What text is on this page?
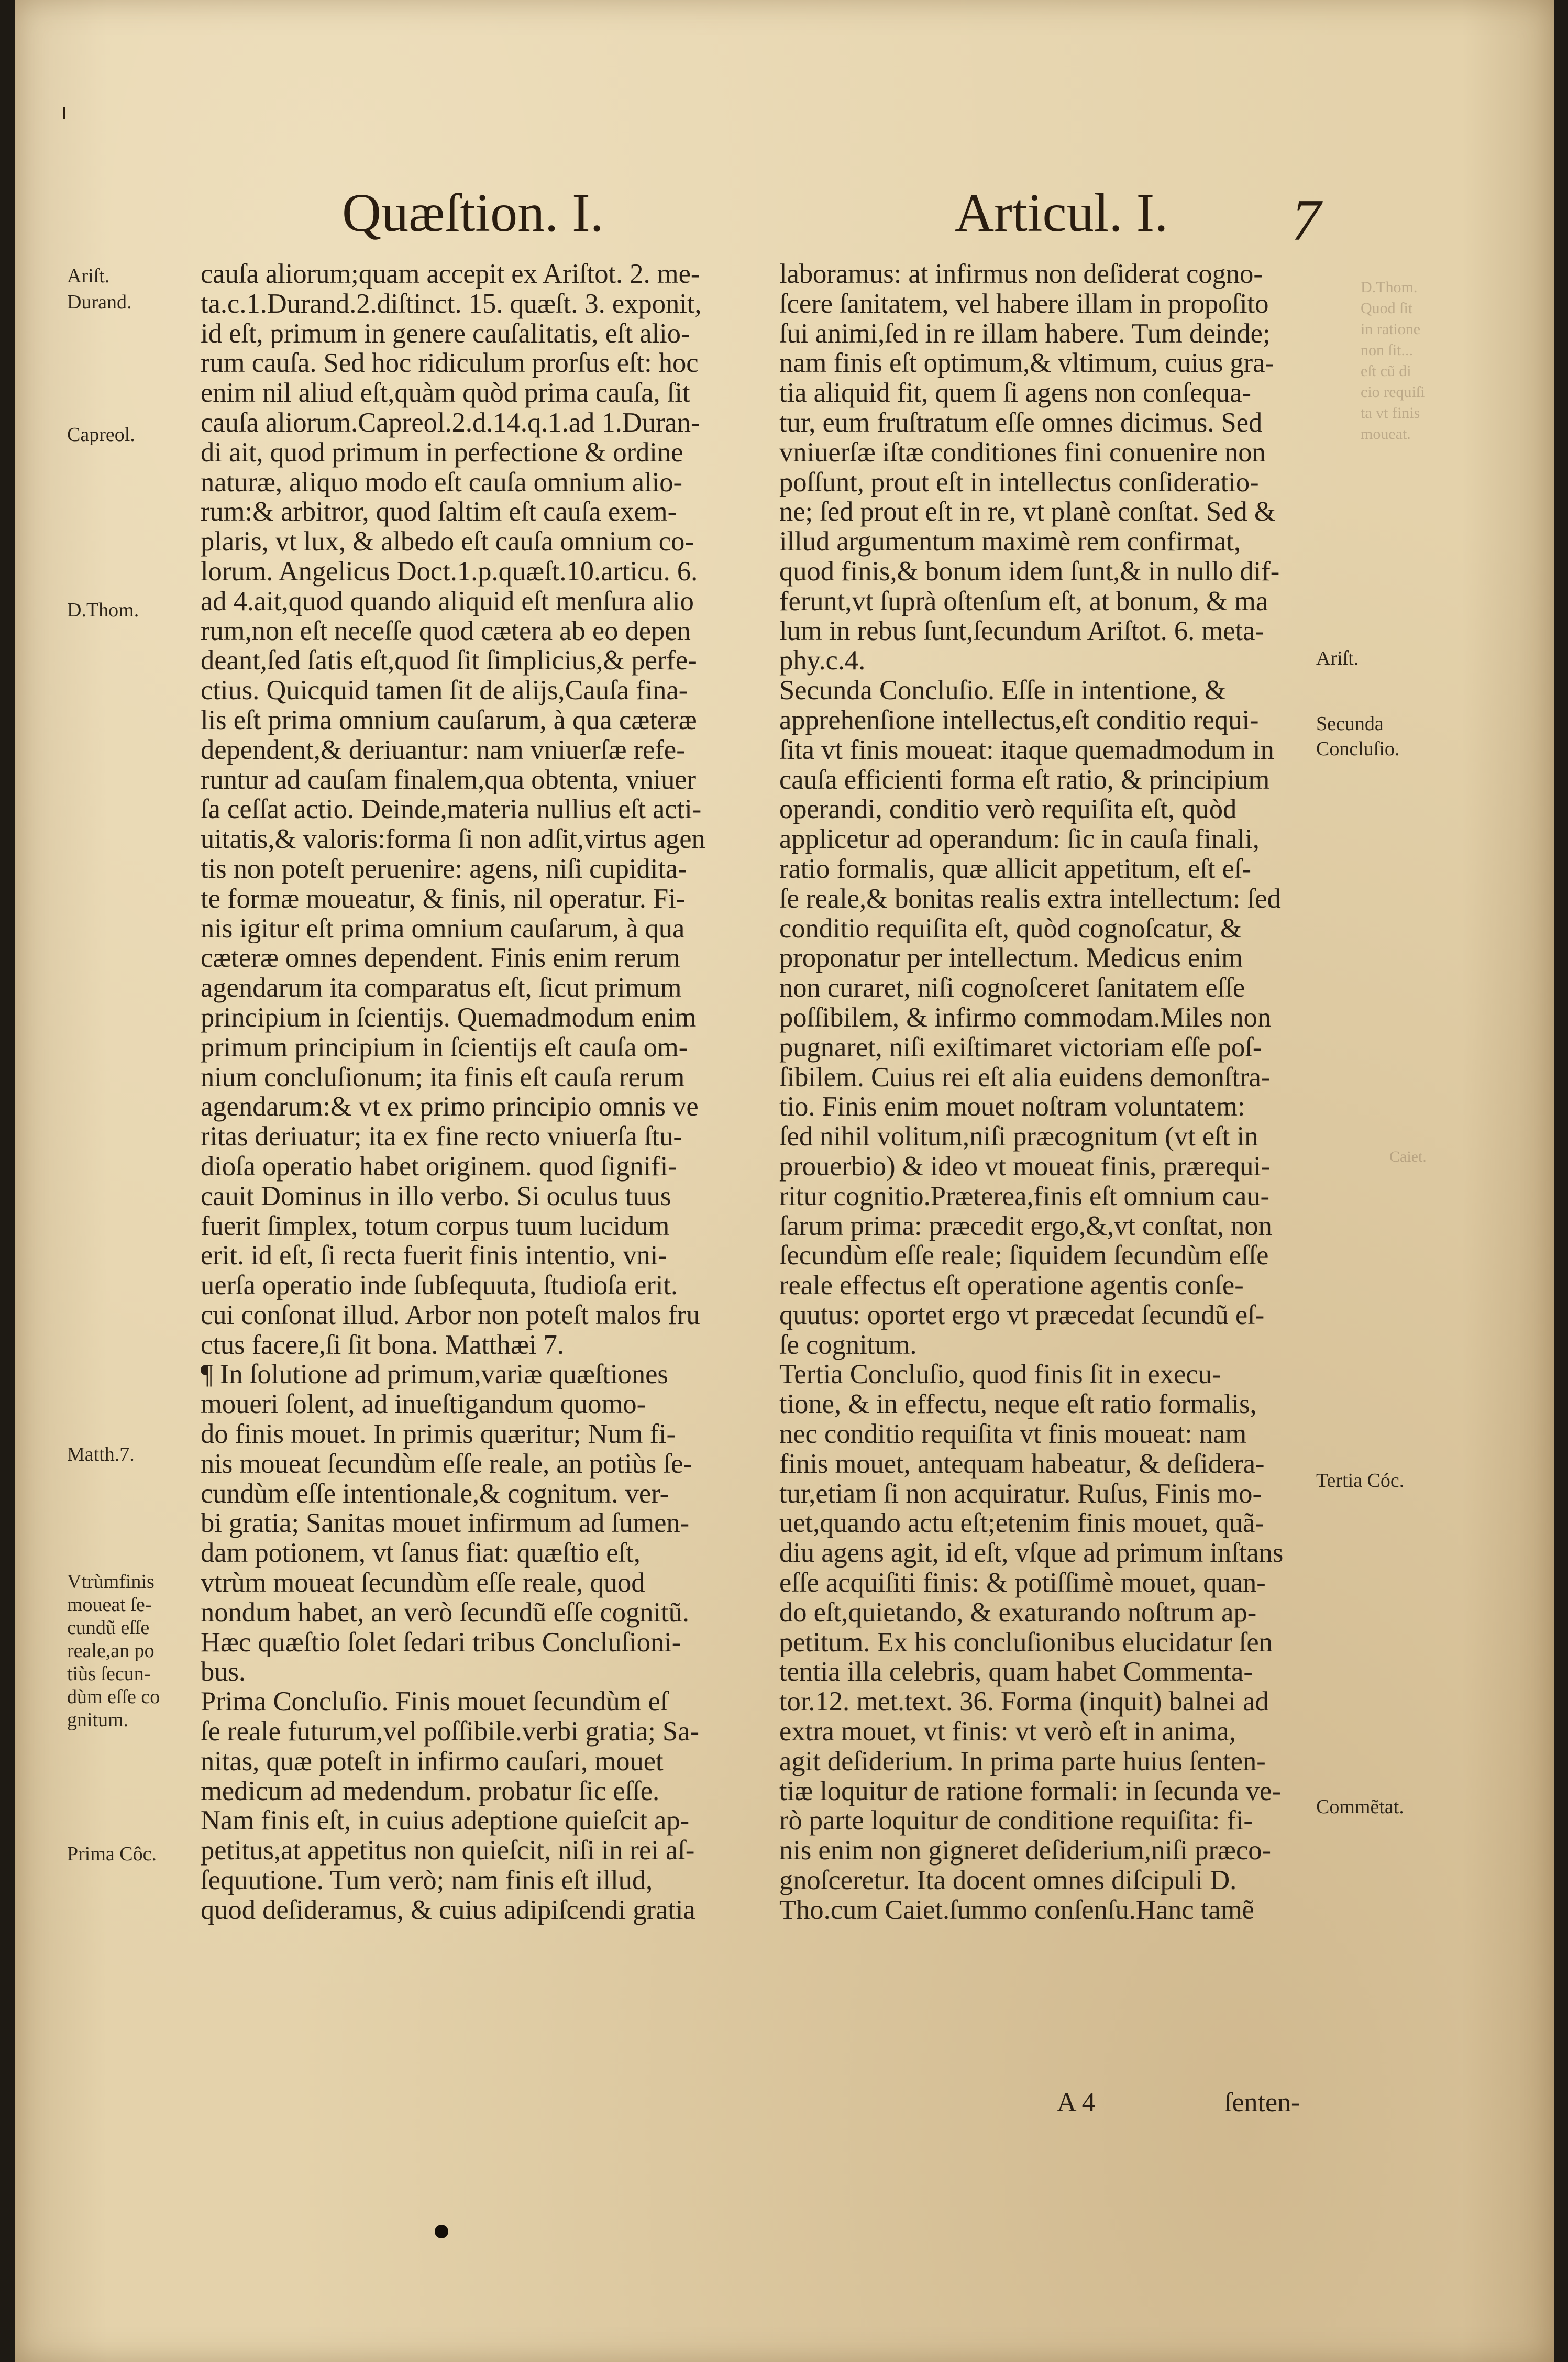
Quæſtion. I.	Articul. I. 7
Ariſt.
Durand.
Capreol.
D.Thom.
Matth.7.
Vtrùmfinis
moueat ſe-
cundũ eſſe
reale,an po
tiùs ſecun-
dùm eſſe co
gnitum.
Prima Côc.
Ariſt.
Secunda
Concluſio.
Tertia Cóc.
Commẽtat.
D.Thom.
Quod ſit
in ratione
non ſit...
eſt cũ di
cio requiſi
ta vt finis
moueat.
Caiet.
cauſa aliorum;quam accepit ex Ariſtot. 2. me-
ta.c.1.Durand.2.diſtinct. 15. quæſt. 3. exponit,
id eſt, primum in genere cauſalitatis, eſt alio-
rum cauſa. Sed hoc ridiculum prorſus eſt: hoc
enim nil aliud eſt,quàm quòd prima cauſa, ſit
cauſa aliorum.Capreol.2.d.14.q.1.ad 1.Duran-
di ait, quod primum in perfectione & ordine
naturæ, aliquo modo eſt cauſa omnium alio-
rum:& arbitror, quod ſaltim eſt cauſa exem-
plaris, vt lux, & albedo eſt cauſa omnium co-
lorum. Angelicus Doct.1.p.quæſt.10.articu. 6.
ad 4.ait,quod quando aliquid eſt menſura alio
rum,non eſt neceſſe quod cætera ab eo depen
deant,ſed ſatis eſt,quod ſit ſimplicius,& perfe-
ctius. Quicquid tamen ſit de alijs,Cauſa fina-
lis eſt prima omnium cauſarum, à qua cæteræ
dependent,& deriuantur: nam vniuerſæ refe-
runtur ad cauſam finalem,qua obtenta, vniuer
ſa ceſſat actio. Deinde,materia nullius eſt acti-
uitatis,& valoris:forma ſi non adſit,virtus agen
tis non poteſt peruenire: agens, niſi cupidita-
te formæ moueatur, & finis, nil operatur. Fi-
nis igitur eſt prima omnium cauſarum, à qua
cæteræ omnes dependent. Finis enim rerum
agendarum ita comparatus eſt, ſicut primum
principium in ſcientijs. Quemadmodum enim
primum principium in ſcientijs eſt cauſa om-
nium concluſionum; ita finis eſt cauſa rerum
agendarum:& vt ex primo principio omnis ve
ritas deriuatur; ita ex fine recto vniuerſa ſtu-
dioſa operatio habet originem. quod ſignifi-
cauit Dominus in illo verbo. Si oculus tuus
fuerit ſimplex, totum corpus tuum lucidum
erit. id eſt, ſi recta fuerit finis intentio, vni-
uerſa operatio inde ſubſequuta, ſtudioſa erit.
cui conſonat illud. Arbor non poteſt malos fru
ctus facere,ſi ſit bona. Matthæi 7.
¶ In ſolutione ad primum,variæ quæſtiones
moueri ſolent, ad inueſtigandum quomo-
do finis mouet. In primis quæritur; Num fi-
nis moueat ſecundùm eſſe reale, an potiùs ſe-
cundùm eſſe intentionale,& cognitum. ver-
bi gratia; Sanitas mouet infirmum ad ſumen-
dam potionem, vt ſanus fiat: quæſtio eſt,
vtrùm moueat ſecundùm eſſe reale, quod
nondum habet, an verò ſecundũ eſſe cognitũ.
Hæc quæſtio ſolet ſedari tribus Concluſioni-
bus.
Prima Concluſio. Finis mouet ſecundùm eſ
ſe reale futurum,vel poſſibile.verbi gratia; Sa-
nitas, quæ poteſt in infirmo cauſari, mouet
medicum ad medendum. probatur ſic eſſe.
Nam finis eſt, in cuius adeptione quieſcit ap-
petitus,at appetitus non quieſcit, niſi in rei aſ-
ſequutione. Tum verò; nam finis eſt illud,
quod deſideramus, & cuius adipiſcendi gratia
laboramus: at infirmus non deſiderat cogno-
ſcere ſanitatem, vel habere illam in propoſito
ſui animi,ſed in re illam habere. Tum deinde;
nam finis eſt optimum,& vltimum, cuius gra-
tia aliquid fit, quem ſi agens non conſequa-
tur, eum fruſtratum eſſe omnes dicimus. Sed
vniuerſæ iſtæ conditiones fini conuenire non
poſſunt, prout eſt in intellectus conſideratio-
ne; ſed prout eſt in re, vt planè conſtat. Sed &
illud argumentum maximè rem confirmat,
quod finis,& bonum idem ſunt,& in nullo dif-
ferunt,vt ſuprà oſtenſum eſt, at bonum, & ma
lum in rebus ſunt,ſecundum Ariſtot. 6. meta-
phy.c.4.
Secunda Concluſio. Eſſe in intentione, &
apprehenſione intellectus,eſt conditio requi-
ſita vt finis moueat: itaque quemadmodum in
cauſa efficienti forma eſt ratio, & principium
operandi, conditio verò requiſita eſt, quòd
applicetur ad operandum: ſic in cauſa finali,
ratio formalis, quæ allicit appetitum, eſt eſ-
ſe reale,& bonitas realis extra intellectum: ſed
conditio requiſita eſt, quòd cognoſcatur, &
proponatur per intellectum. Medicus enim
non curaret, niſi cognoſceret ſanitatem eſſe
poſſibilem, & infirmo commodam.Miles non
pugnaret, niſi exiſtimaret victoriam eſſe poſ-
ſibilem. Cuius rei eſt alia euidens demonſtra-
tio. Finis enim mouet noſtram voluntatem:
ſed nihil volitum,niſi præcognitum (vt eſt in
prouerbio) & ideo vt moueat finis, prærequi-
ritur cognitio.Præterea,finis eſt omnium cau-
ſarum prima: præcedit ergo,&,vt conſtat, non
ſecundùm eſſe reale; ſiquidem ſecundùm eſſe
reale effectus eſt operatione agentis conſe-
quutus: oportet ergo vt præcedat ſecundũ eſ-
ſe cognitum.
Tertia Concluſio, quod finis ſit in execu-
tione, & in effectu, neque eſt ratio formalis,
nec conditio requiſita vt finis moueat: nam
finis mouet, antequam habeatur, & deſidera-
tur,etiam ſi non acquiratur. Ruſus, Finis mo-
uet,quando actu eſt;etenim finis mouet, quã-
diu agens agit, id eſt, vſque ad primum inſtans
eſſe acquiſiti finis: & potiſſimè mouet, quan-
do eſt,quietando, & exaturando noſtrum ap-
petitum. Ex his concluſionibus elucidatur ſen
tentia illa celebris, quam habet Commenta-
tor.12. met.text. 36. Forma (inquit) balnei ad
extra mouet, vt finis: vt verò eſt in anima,
agit deſiderium. In prima parte huius ſenten-
tiæ loquitur de ratione formali: in ſecunda ve-
rò parte loquitur de conditione requiſita: fi-
nis enim non gigneret deſiderium,niſi præco-
gnoſceretur. Ita docent omnes diſcipuli D.
Tho.cum Caiet.ſummo conſenſu.Hanc tamẽ
A 4	ſenten-
